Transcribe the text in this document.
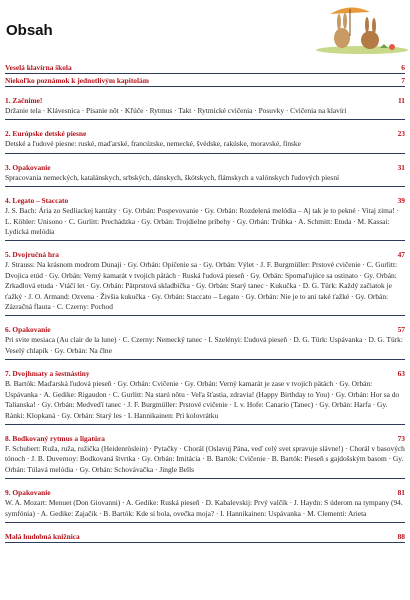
Obsah
Veselá klavírna škola	6
Niekoľko poznámok k jednotlivým kapitolám	7
1. Začnime!	11
Držanie tela · Klávesnica · Písanie nôt · Kľúče · Rytmus · Takt · Rytmické cvičenia · Posuvky · Cvičenia na klavíri
2. Európske detské piesne	23
Detské a ľudové piesne: ruské, maďarské, francúzske, nemecké, švédske, rakúske, moravské, fínske
3. Opakovanie	31
Spracovania nemeckých, katalánskych, srbských, dánskych, škótskych, flámskych a valónskych ľudových piesní
4. Legato – Staccato	39
J. S. Bach: Ária zo Sedliackej kantáty · Gy. Orbán: Pospevovanie · Gy. Orbán: Rozdelená melódia – Aj tak je to pekné · Vitaj zima! · L. Köhler: Unisono · C. Gurlitt: Prechádzka · Gy. Orbán: Trojdielne príbehy · Gy. Orbán: Trúbka · A. Schmitt: Etuda · M. Kassai: Lydická melódia
5. Dvojručná hra	47
J. Strauss: Na krásnom modrom Dunaji · Gy. Orbán: Opičenie sa · Gy. Orbán: Výlet · J. F. Burgmüller: Prstové cvičenie · C. Gurlitt: Dvojica etúd · Gy. Orbán: Verný kamarát v tvojich pätách · Ruská ľudová pieseň · Gy. Orbán: Spomaľujúce sa ostinato · Gy. Orbán: Zrkadlová etuda · Vtáčí let · Gy. Orbán: Pätprstová skladbička · Gy. Orbán: Starý tanec · Kukučka · D. G. Türk: Každý začiatok je ťažký · J. O. Armand: Ozvena · Živšia kukučka · Gy. Orbán: Staccato – Legato · Gy. Orbán: Nie je to ani také ťažké · Gy. Orbán: Zázračná flauta · C. Czerny: Pochod
6. Opakovanie	57
Pri svite mesiaca (Au clair de la lune) · C. Czerny: Nemecký tanec · I. Szelényi: Ľudová pieseň · D. G. Türk: Uspávanka · D. G. Türk: Veselý chlapík · Gy. Orbán: Na člne
7. Dvojhmaty a šestnástiny	63
B. Bartók: Maďarská ľudová pieseň · Gy. Orbán: Cvičenie · Gy. Orbán: Verný kamarát je zase v tvojich pätách · Gy. Orbán: Uspávanka · A. Gedike: Rigaudon · C. Gurlitt: Na starú nôtu · Veľa šťastia, zdravia! (Happy Birthday to You) · Gy. Orbán: Hor sa do Talianska! · Gy. Orbán: Medveďí tanec · J. F. Burgmüller: Prstové cvičenie · I. v. Hofe: Canario (Tanec) · Gy. Orbán: Harfa · Gy. Ránki: Klopkaná · Gy. Orbán: Starý les · I. Hannikainen: Pri kolovrátku
8. Bodkovaný rytmus a ligatúra	73
F. Schubert: Ruža, ruža, ružička (Heidenröslein) · Pytačky · Chorál (Oslavuj Pána, veď celý svet spravuje slávne!) · Chorál v basových tónoch · J. B. Duvernoy: Bodkovaná štvrtka · Gy. Orbán: Imitácia · B. Bartók: Cvičenie · B. Bartók: Pieseň s gajdošským basom · Gy. Orbán: Túlavá melódia · Gy. Orbán: Schovávačka · Jingle Bells
9. Opakovanie	81
W. A. Mozart: Menuet (Don Giovanni) · A. Gedike: Ruská pieseň · D. Kabalevskij: Prvý valčík · J. Haydn: S úderom na tympany (94. symfónia) · A. Gedike: Zajačik · B. Bartók: Kde si bola, ovečka moja? · I. Hannikainen: Uspávanka · M. Clementi: Arieta
Malá hudobná knižnica	88
